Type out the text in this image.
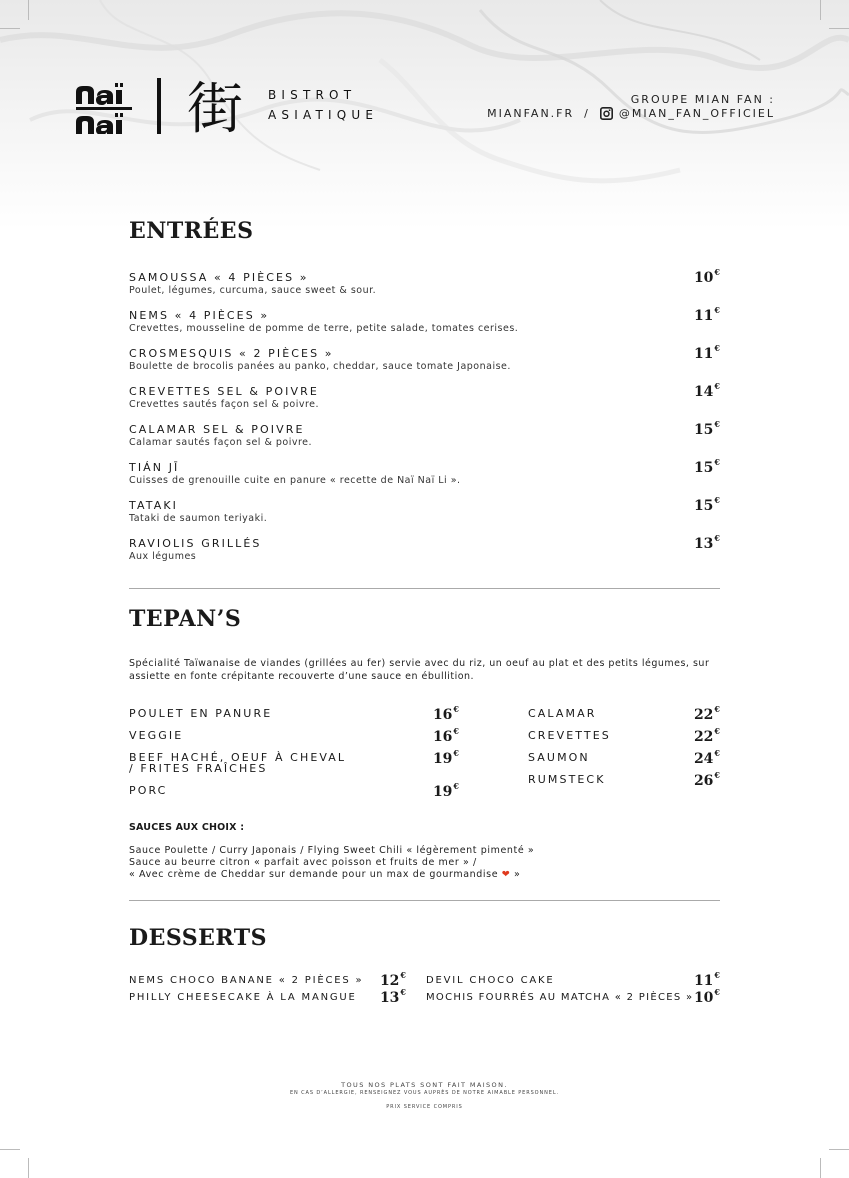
街 BISTROT
ASIATIQUE
GROUPE MIAN FAN :
MIANFAN.FR /	@MIAN_FAN_OFFICIEL
ENTRÉES
SAMOUSSA « 4 PIÈCES »
Poulet, légumes, curcuma, sauce sweet & sour.
10€
NEMS « 4 PIÈCES »
Crevettes, mousseline de pomme de terre, petite salade, tomates cerises.
11€
CROSMESQUIS « 2 PIÈCES »
Boulette de brocolis panées au panko, cheddar, sauce tomate Japonaise.
11€
CREVETTES SEL & POIVRE
Crevettes sautés façon sel & poivre.
14€
CALAMAR SEL & POIVRE
Calamar sautés façon sel & poivre.
15€
TIÁN JĪ
Cuisses de grenouille cuite en panure « recette de Naï Naï Li ».
15€
TATAKI
Tataki de saumon teriyaki.
15€
RAVIOLIS GRILLÉS
Aux légumes
13€
TEPAN’S
Spécialité Taïwanaise de viandes (grillées au fer) servie avec du riz, un oeuf au plat et des petits légumes, sur assiette en fonte crépitante recouverte d’une sauce en ébullition.
POULET EN PANURE	16€
VEGGIE	16€
BEEF HACHÉ, OEUF À CHEVAL
/ FRITES FRAÎCHES
19€
PORC	19€
CALAMAR	22€
CREVETTES	22€
SAUMON	24€
RUMSTECK	26€
SAUCES AUX CHOIX :
Sauce Poulette / Curry Japonais / Flying Sweet Chili « légèrement pimenté »
Sauce au beurre citron « parfait avec poisson et fruits de mer » /
« Avec crème de Cheddar sur demande pour un max de gourmandise ❤ »
DESSERTS
NEMS CHOCO BANANE « 2 PIÈCES » 12€
PHILLY CHEESECAKE À LA MANGUE 13€
DEVIL CHOCO CAKE	11€
MOCHIS FOURRÉS AU MATCHA « 2 PIÈCES » 10€
TOUS NOS PLATS SONT FAIT MAISON.
EN CAS D’ALLERGIE, RENSEIGNEZ VOUS AUPRÈS DE NOTRE AIMABLE PERSONNEL.
PRIX SERVICE COMPRIS
